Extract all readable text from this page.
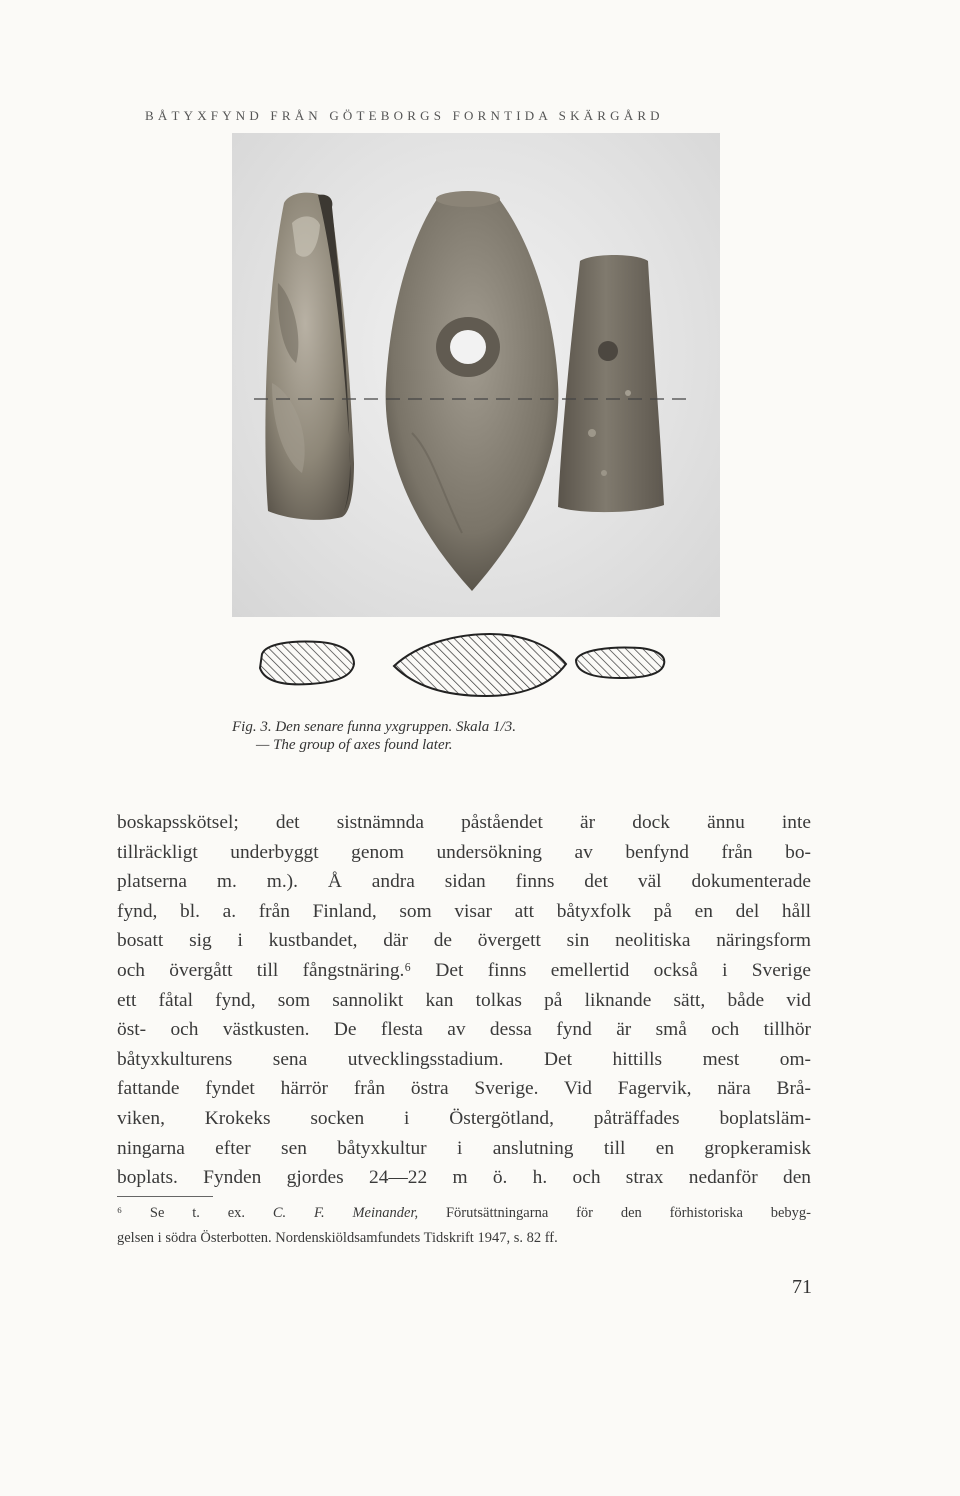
BÅTYXFYND FRÅN GÖTEBORGS FORNTIDA SKÄRGÅRD
Fig. 3. Den senare funna yxgruppen. Skala 1/3.
— The group of axes found later.
boskapsskötsel; det sistnämnda påståendet är dock ännu inte
tillräckligt underbyggt genom undersökning av benfynd från bo-
platserna m. m.). Å andra sidan finns det väl dokumenterade
fynd, bl. a. från Finland, som visar att båtyxfolk på en del håll
bosatt sig i kustbandet, där de övergett sin neolitiska näringsform
och övergått till fångstnäring.⁶ Det finns emellertid också i Sverige
ett fåtal fynd, som sannolikt kan tolkas på liknande sätt, både vid
öst- och västkusten. De flesta av dessa fynd är små och tillhör
båtyxkulturens sena utvecklingsstadium. Det hittills mest om-
fattande fyndet härrör från östra Sverige. Vid Fagervik, nära Brå-
viken, Krokeks socken i Östergötland, påträffades boplatsläm-
ningarna efter sen båtyxkultur i anslutning till en gropkeramisk
boplats. Fynden gjordes 24—22 m ö. h. och strax nedanför den
⁶ Se t. ex. C. F. Meinander, Förutsättningarna för den förhistoriska bebyg-
gelsen i södra Österbotten. Nordenskiöldsamfundets Tidskrift 1947, s. 82 ff.
71
